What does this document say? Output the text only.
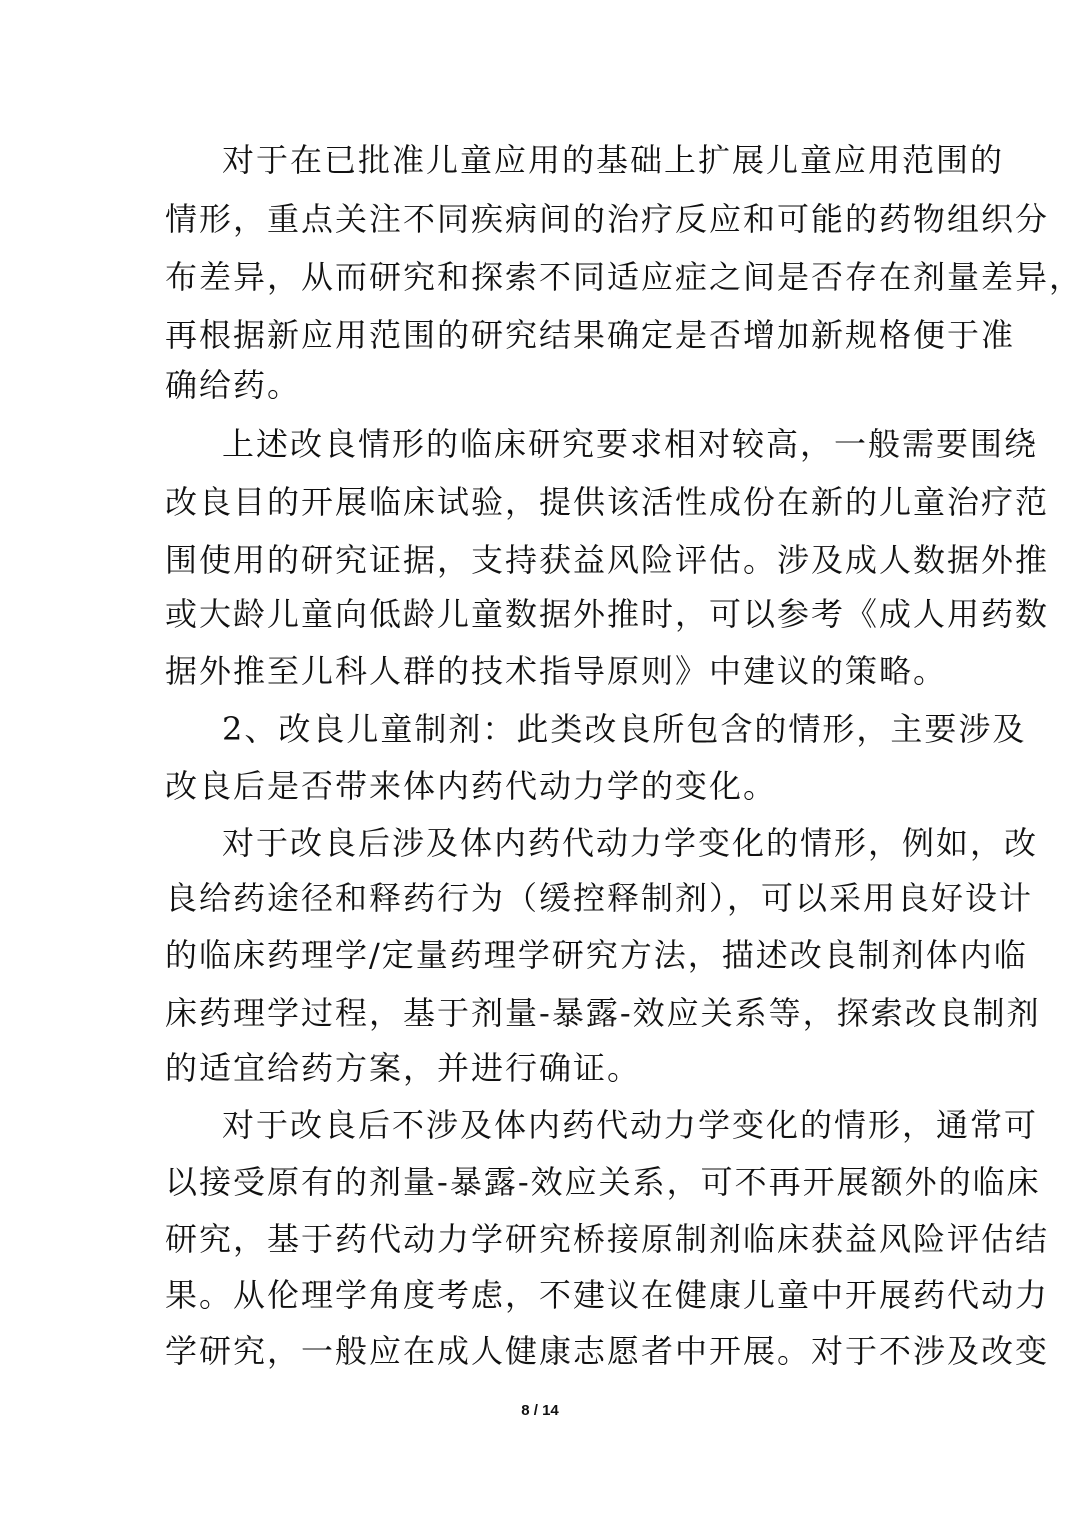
对于在已批准儿童应用的基础上扩展儿童应用范围的
情形，重点关注不同疾病间的治疗反应和可能的药物组织分
布差异，从而研究和探索不同适应症之间是否存在剂量差异，
再根据新应用范围的研究结果确定是否增加新规格便于准
确给药。
上述改良情形的临床研究要求相对较高，一般需要围绕
改良目的开展临床试验，提供该活性成份在新的儿童治疗范
围使用的研究证据，支持获益风险评估。涉及成人数据外推
或大龄儿童向低龄儿童数据外推时，可以参考《成人用药数
据外推至儿科人群的技术指导原则》中建议的策略。
2、改良儿童制剂：此类改良所包含的情形，主要涉及
改良后是否带来体内药代动力学的变化。
对于改良后涉及体内药代动力学变化的情形，例如，改
良给药途径和释药行为（缓控释制剂），可以采用良好设计
的临床药理学/定量药理学研究方法，描述改良制剂体内临
床药理学过程，基于剂量-暴露-效应关系等，探索改良制剂
的适宜给药方案，并进行确证。
对于改良后不涉及体内药代动力学变化的情形，通常可
以接受原有的剂量-暴露-效应关系，可不再开展额外的临床
研究，基于药代动力学研究桥接原制剂临床获益风险评估结
果。从伦理学角度考虑，不建议在健康儿童中开展药代动力
学研究，一般应在成人健康志愿者中开展。对于不涉及改变
8 / 14
